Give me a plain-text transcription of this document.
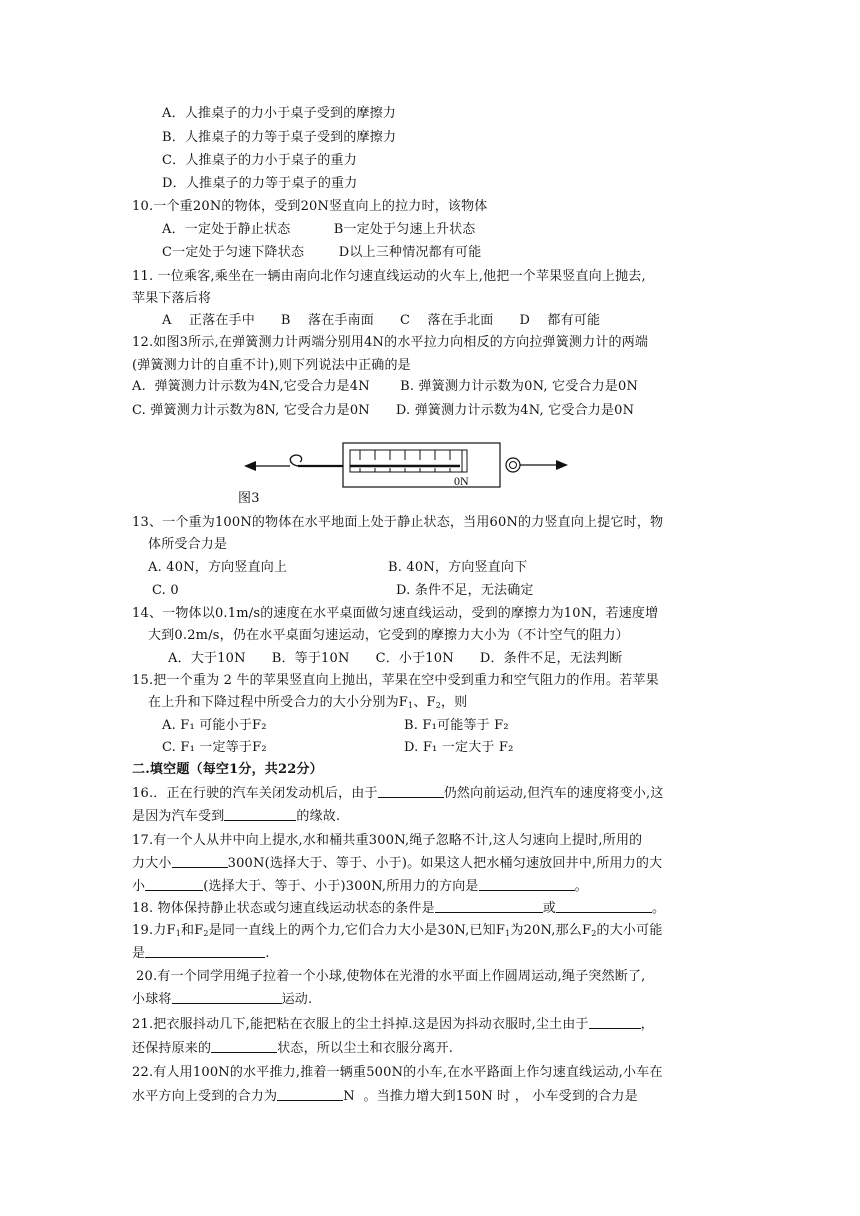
A．人推桌子的力小于桌子受到的摩擦力
B．人推桌子的力等于桌子受到的摩擦力
C．人推桌子的力小于桌子的重力
D．人推桌子的力等于桌子的重力
10.一个重20N的物体，受到20N竖直向上的拉力时，该物体
A．一定处于静止状态          B一定处于匀速上升状态
C一定处于匀速下降状态        D以上三种情况都有可能
11. 一位乘客,乘坐在一辆由南向北作匀速直线运动的火车上,他把一个苹果竖直向上抛去,
苹果下落后将
A    正落在手中      B    落在手南面      C    落在手北面      D    都有可能
12.如图3所示,在弹簧测力计两端分别用4N的水平拉力向相反的方向拉弹簧测力计的两端
(弹簧测力计的自重不计),则下列说法中正确的是
A.  弹簧测力计示数为4N,它受合力是4N       B. 弹簧测力计示数为0N, 它受合力是0N
C. 弹簧测力计示数为8N, 它受合力是0N      D. 弹簧测力计示数为4N, 它受合力是0N
0N
图3
13、一个重为100N的物体在水平地面上处于静止状态，当用60N的力竖直向上提它时，物
体所受合力是
A. 40N，方向竖直向上	B. 40N，方向竖直向下
C. 0	D. 条件不足，无法确定
14、一物体以0.1m/s的速度在水平桌面做匀速直线运动，受到的摩擦力为10N，若速度增
大到0.2m/s，仍在水平桌面匀速运动，它受到的摩擦力大小为（不计空气的阻力）
A．大于10N      B．等于10N      C．小于10N      D．条件不足，无法判断
15.把一个重为 2 牛的苹果竖直向上抛出，苹果在空中受到重力和空气阻力的作用。若苹果
在上升和下降过程中所受合力的大小分别为$F_1$、$F_2$，则
A. F₁ 可能小于F₂	B. F₁可能等于 F₂
C. F₁ 一定等于F₂	D. F₁ 一定大于 F₂
二.填空题（每空1分，共22分）
16.．正在行驶的汽车关闭发动机后，由于	仍然向前运动,但汽车的速度将变小,这
是因为汽车受到	的缘故.
17.有一个人从井中向上提水,水和桶共重300N,绳子忽略不计,这人匀速向上提时,所用的
力大小	300N(选择大于、等于、小于)。如果这人把水桶匀速放回井中,所用力的大
小	(选择大于、等于、小于)300N,所用力的方向是	。
18. 物体保持静止状态或匀速直线运动状态的条件是	或	。
19.力$F_1$和$F_2$是同一直线上的两个力,它们合力大小是30N,已知$F_1$为20N,那么$F_2$的大小可能
是	.
20.有一个同学用绳子拉着一个小球,使物体在光滑的水平面上作圆周运动,绳子突然断了,
小球将	运动.
21.把衣服抖动几下,能把粘在衣服上的尘土抖掉.这是因为抖动衣服时,尘土由于	，
还保持原来的	状态，所以尘土和衣服分离开.
22.有人用100N的水平推力,推着一辆重500N的小车,在水平路面上作匀速直线运动,小车在
水平方向上受到的合力为	N  。当推力增大到150N 时 ， 小车受到的合力是
